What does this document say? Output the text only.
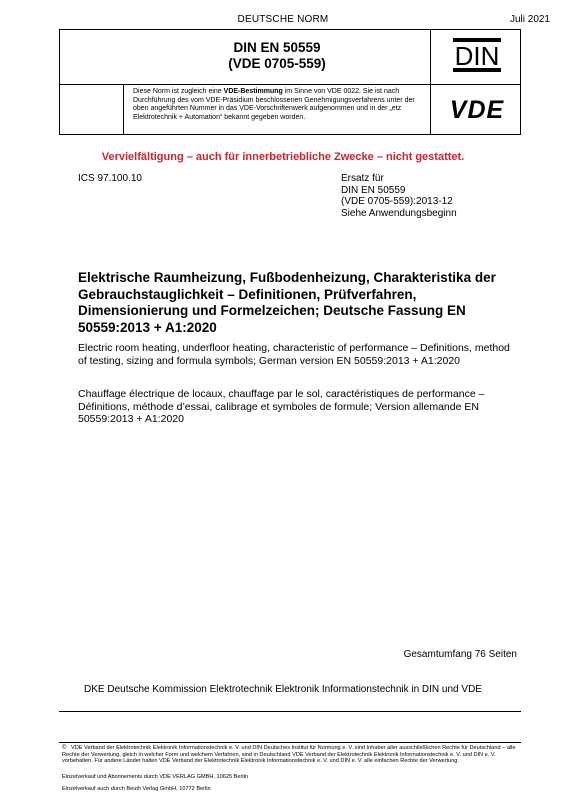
DEUTSCHE NORM	Juli 2021
DIN EN 50559
(VDE 0705-559)	DIN
VDE
Diese Norm ist zugleich eine VDE-Bestimmung im Sinne von VDE 0022. Sie ist nach Durchführung des vom VDE-Präsidium beschlossenen Genehmigungsverfahrens unter der oben angeführten Nummer in das VDE-Vorschriftenwerk aufgenommen und in der „etz Elektrotechnik + Automation“ bekannt gegeben worden.
Vervielfältigung – auch für innerbetriebliche Zwecke – nicht gestattet.
ICS 97.100.10	Ersatz für
DIN EN 50559
(VDE 0705-559):2013-12
Siehe Anwendungsbeginn
Elektrische Raumheizung, Fußbodenheizung, Charakteristika der Gebrauchstauglichkeit – Definitionen, Prüfverfahren, Dimensionierung und Formelzeichen; Deutsche Fassung EN 50559:2013 + A1:2020
Electric room heating, underfloor heating, characteristic of performance – Definitions, method of testing, sizing and formula symbols; German version EN 50559:2013 + A1:2020
Chauffage électrique de locaux, chauffage par le sol, caractéristiques de performance – Définitions, méthode d’essai, calibrage et symboles de formule; Version allemande EN 50559:2013 + A1:2020
Gesamtumfang 76 Seiten
DKE Deutsche Kommission Elektrotechnik Elektronik Informationstechnik in DIN und VDE
© VDE Verband der Elektrotechnik Elektronik Informationstechnik e. V. und DIN Deutsches Institut für Normung e. V. sind Inhaber aller ausschließlichen Rechte für Deutschland – alle Rechte der Verwertung, gleich in welcher Form und welchem Verfahren, sind in Deutschland VDE Verband der Elektrotechnik Elektronik Informationstechnik e. V. und DIN e. V. vorbehalten. Für andere Länder halten VDE Verband der Elektrotechnik Elektronik Informationstechnik e. V. und DIN e. V. alle einfachen Rechte der Verwertung.
Einzelverkauf und Abonnements durch VDE VERLAG GMBH, 10625 Berlin
Einzelverkauf auch durch Beuth Verlag GmbH, 10772 Berlin
